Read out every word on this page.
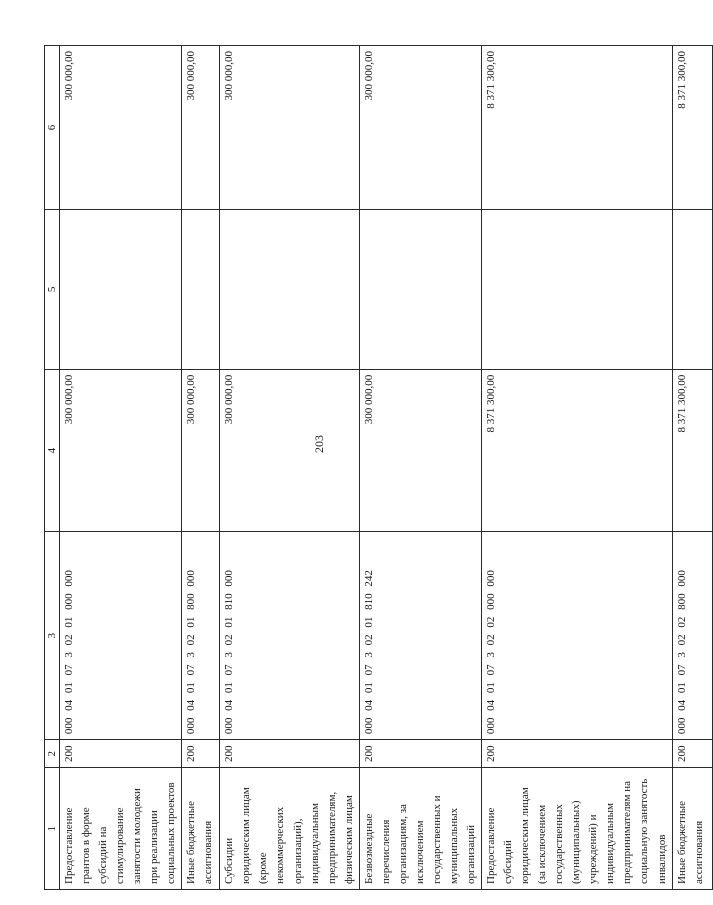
203
1	2	3	4	5	6
Предоставление грантов в форме субсидий на стимулирование занятости молодежи при реализации социальных проектов	200	000 04 01 07 3 02 01 000 000	300 000,00		300 000,00
Иные бюджетные ассигнования	200	000 04 01 07 3 02 01 800 000	300 000,00		300 000,00
Субсидии юридическим лицам (кроме некоммерческих организаций), индивидуальным предпринимателям, физическим лицам	200	000 04 01 07 3 02 01 810 000	300 000,00		300 000,00
Безвозмездные перечисления организациям, за исключением государственных и муниципальных организаций	200	000 04 01 07 3 02 01 810 242	300 000,00		300 000,00
Предоставление субсидий юридическим лицам (за исключением государственных (муниципальных) учреждений) и индивидуальным предпринимателям на социальную занятость инвалидов	200	000 04 01 07 3 02 02 000 000	8 371 300,00		8 371 300,00
Иные бюджетные ассигнования	200	000 04 01 07 3 02 02 800 000	8 371 300,00		8 371 300,00
